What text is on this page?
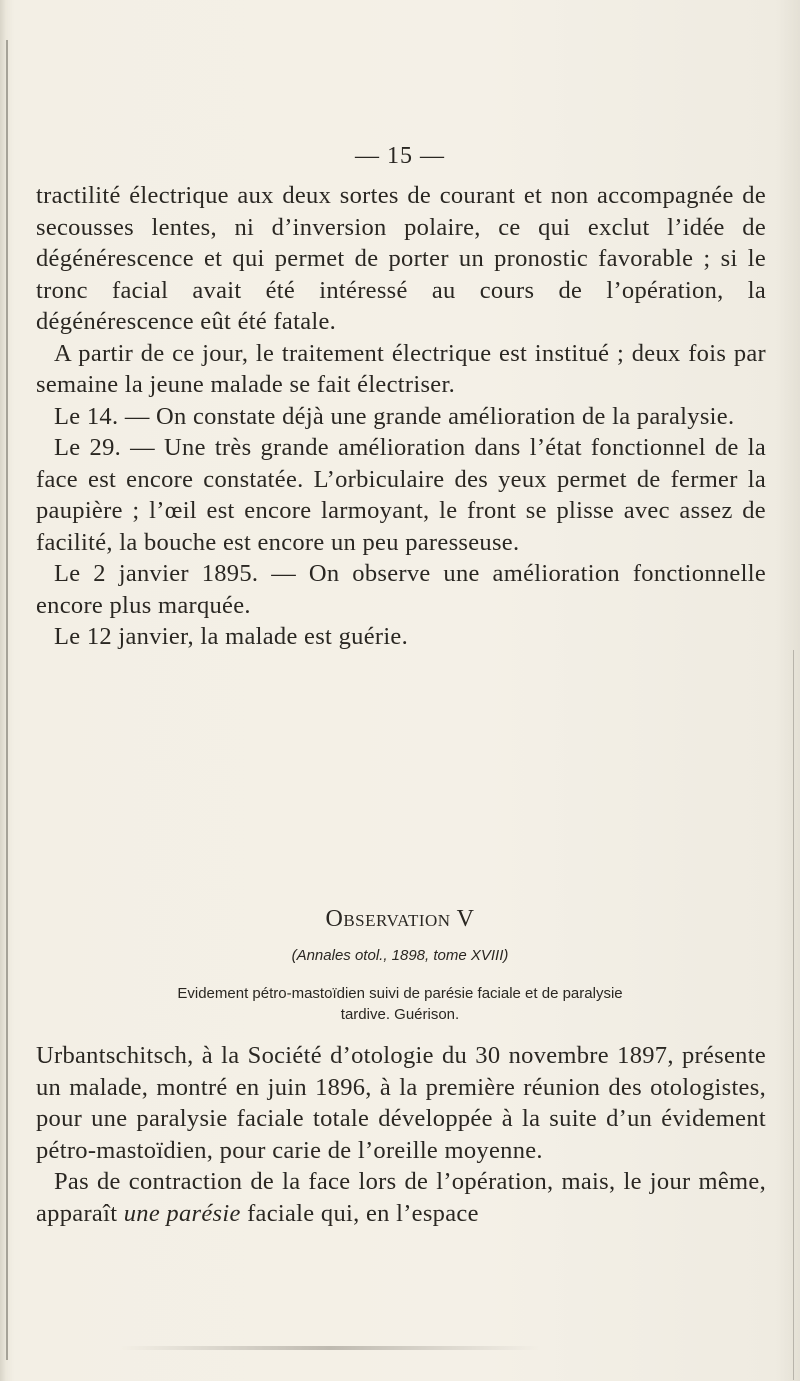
— 15 —

tractilité électrique aux deux sortes de courant et non accompagnée de secousses lentes, ni d’inversion polaire, ce qui exclut l’idée de dégénérescence et qui permet de porter un pronostic favorable ; si le tronc facial avait été intéressé au cours de l’opération, la dégénérescence eût été fatale.

A partir de ce jour, le traitement électrique est institué ; deux fois par semaine la jeune malade se fait électriser.

Le 14. — On constate déjà une grande amélioration de la paralysie.

Le 29. — Une très grande amélioration dans l’état fonctionnel de la face est encore constatée. L’orbiculaire des yeux permet de fermer la paupière ; l’œil est encore larmoyant, le front se plisse avec assez de facilité, la bouche est encore un peu paresseuse.

Le 2 janvier 1895. — On observe une amélioration fonctionnelle encore plus marquée.

Le 12 janvier, la malade est guérie.

Observation V
(Annales otol., 1898, tome XVIII)
Evidement pétro-mastoïdien suivi de parésie faciale et de paralysie
tardive. Guérison.

Urbantschitsch, à la Société d’otologie du 30 novembre 1897, présente un malade, montré en juin 1896, à la première réunion des otologistes, pour une paralysie faciale totale développée à la suite d’un évidement pétro-mastoïdien, pour carie de l’oreille moyenne.

Pas de contraction de la face lors de l’opération, mais, le jour même, apparaît une parésie faciale qui, en l’espace
